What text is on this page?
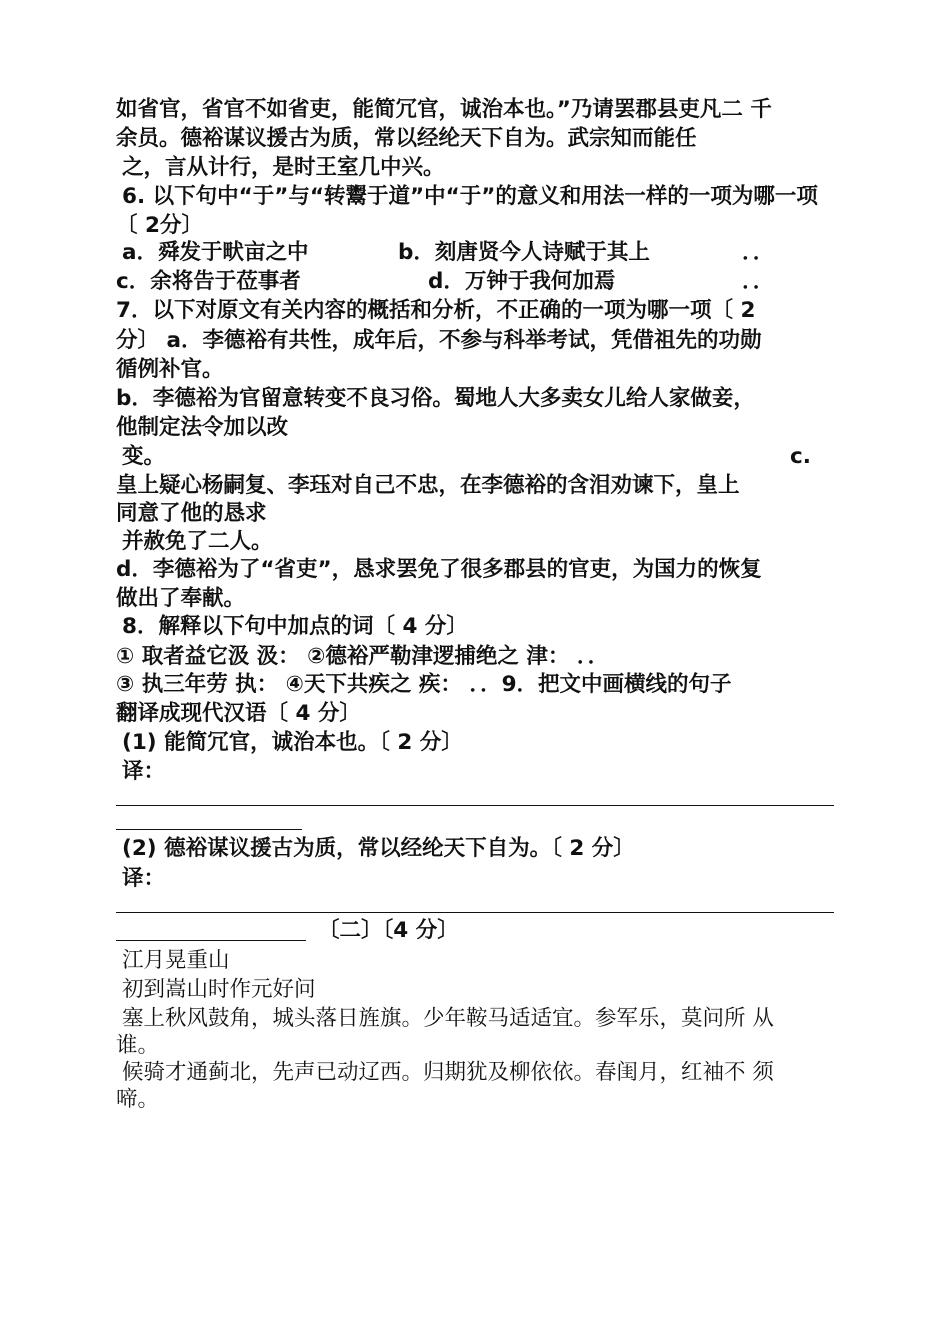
如省官，省官不如省吏，能简冗官，诚治本也。”乃请罢郡县吏凡二 千
余员。德裕谋议援古为质，常以经纶天下自为。武宗知而能任
之，言从计行，是时王室几中兴。
6. 以下句中“于”与“转鬻于道”中“于”的意义和用法一样的一项为哪一项
〔 2分〕
a．舜发于畎亩之中	b．刻唐贤今人诗赋于其上	．．
c．余将告于莅事者	d．万钟于我何加焉	．．
7．以下对原文有关内容的概括和分析，不正确的一项为哪一项〔 2
分〕 a．李德裕有共性，成年后，不参与科举考试，凭借祖先的功勋
循例补官。
b．李德裕为官留意转变不良习俗。蜀地人大多卖女儿给人家做妾，
他制定法令加以改
变。	c.
皇上疑心杨嗣复、李珏对自己不忠，在李德裕的含泪劝谏下，皇上
同意了他的恳求
并赦免了二人。
d．李德裕为了“省吏”，恳求罢免了很多郡县的官吏，为国力的恢复
做出了奉献。
8．解释以下句中加点的词〔 4 分〕
① 取者益它汲 汲： ②德裕严勒津逻捕绝之 津： ．．
③ 执三年劳 执： ④天下共疾之 疾： ．．9．把文中画横线的句子
翻译成现代汉语〔 4 分〕
(1) 能简冗官，诚治本也。〔 2 分〕
译：
(2) 德裕谋议援古为质，常以经纶天下自为。〔 2 分〕
译：
〔二〕〔4 分〕
江月晃重山
初到嵩山时作元好问
塞上秋风鼓角，城头落日旌旗。少年鞍马适适宜。参军乐，莫问所 从
谁。
候骑才通蓟北，先声已动辽西。归期犹及柳依依。春闺月，红袖不 须
啼。
